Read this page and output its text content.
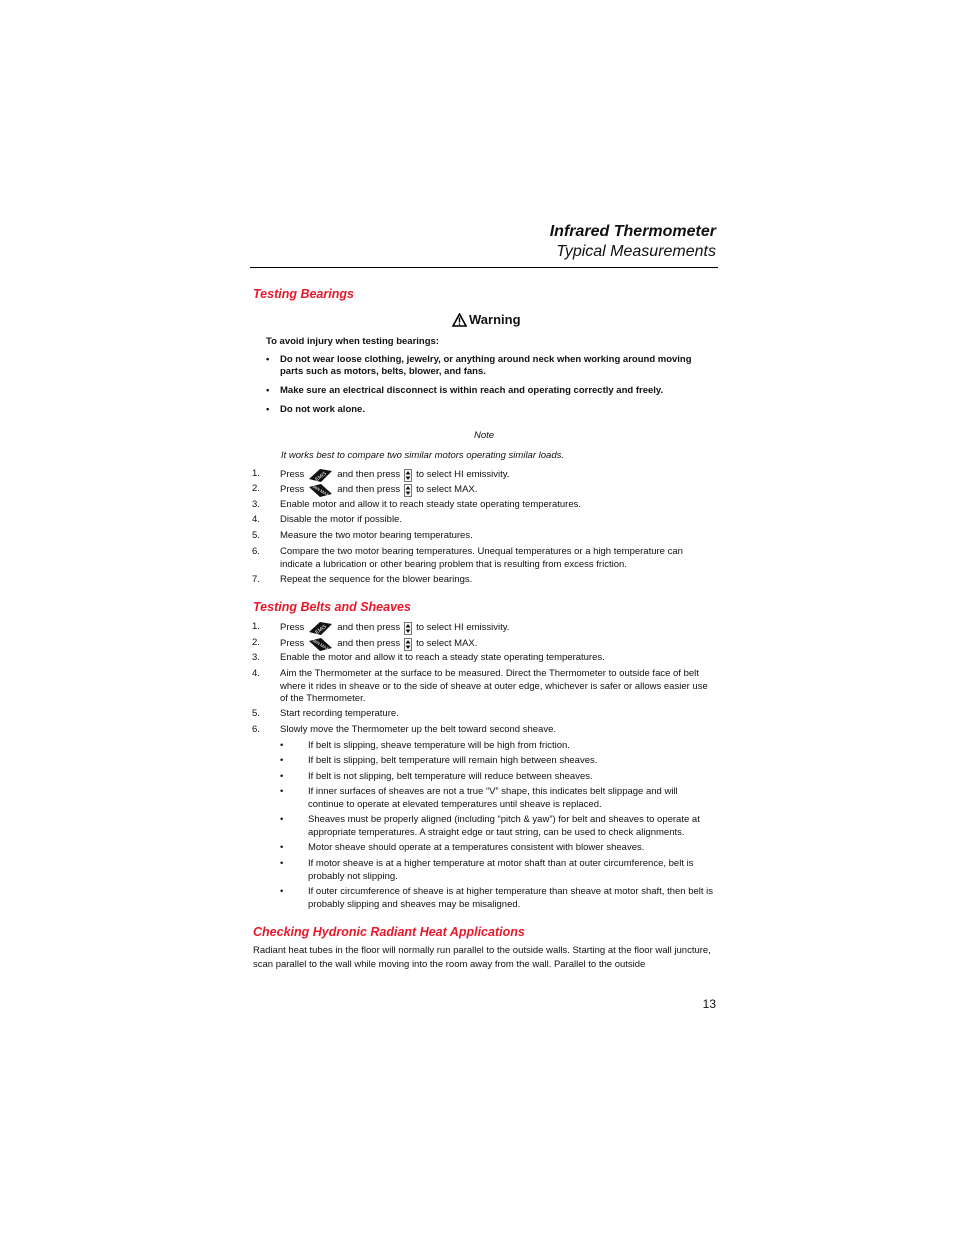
Infrared Thermometer
Typical Measurements
Testing Bearings
Warning
To avoid injury when testing bearings:
• Do not wear loose clothing, jewelry, or anything around neck when working around moving parts such as motors, belts, blower, and fans.
• Make sure an electrical disconnect is within reach and operating correctly and freely.
• Do not work alone.
Note
It works best to compare two similar motors operating similar loads.
1. Press EMIS and then press to select HI emissivity.
2. Press MIN MAX and then press to select MAX.
3. Enable motor and allow it to reach steady state operating temperatures.
4. Disable the motor if possible.
5. Measure the two motor bearing temperatures.
6. Compare the two motor bearing temperatures. Unequal temperatures or a high temperature can indicate a lubrication or other bearing problem that is resulting from excess friction.
7. Repeat the sequence for the blower bearings.
Testing Belts and Sheaves
1. Press EMIS and then press to select HI emissivity.
2. Press MIN MAX and then press to select MAX.
3. Enable the motor and allow it to reach a steady state operating temperatures.
4. Aim the Thermometer at the surface to be measured. Direct the Thermometer to outside face of belt where it rides in sheave or to the side of sheave at outer edge, whichever is safer or allows easier use of the Thermometer.
5. Start recording temperature.
6. Slowly move the Thermometer up the belt toward second sheave.
•	If belt is slipping, sheave temperature will be high from friction.
•	If belt is slipping, belt temperature will remain high between sheaves.
•	If belt is not slipping, belt temperature will reduce between sheaves.
•	If inner surfaces of sheaves are not a true “V” shape, this indicates belt slippage and will continue to operate at elevated temperatures until sheave is replaced.
•	Sheaves must be properly aligned (including “pitch & yaw”) for belt and sheaves to operate at appropriate temperatures. A straight edge or taut string, can be used to check alignments.
•	Motor sheave should operate at a temperatures consistent with blower sheaves.
•	If motor sheave is at a higher temperature at motor shaft than at outer circumference, belt is probably not slipping.
•	If outer circumference of sheave is at higher temperature than sheave at motor shaft, then belt is probably slipping and sheaves may be misaligned.
Checking Hydronic Radiant Heat Applications
Radiant heat tubes in the floor will normally run parallel to the outside walls. Starting at the floor wall juncture, scan parallel to the wall while moving into the room away from the wall. Parallel to the outside
13
